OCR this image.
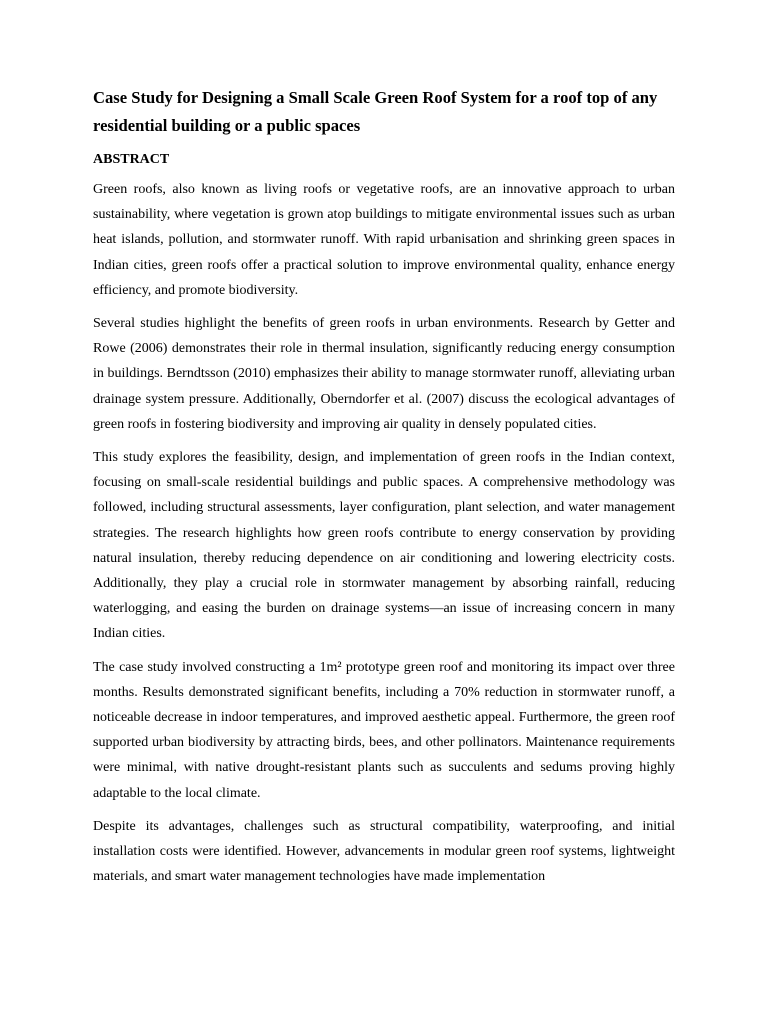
Case Study for Designing a Small Scale Green Roof System for a roof top of any residential building or a public spaces
ABSTRACT

Green roofs, also known as living roofs or vegetative roofs, are an innovative approach to urban sustainability, where vegetation is grown atop buildings to mitigate environmental issues such as urban heat islands, pollution, and stormwater runoff. With rapid urbanisation and shrinking green spaces in Indian cities, green roofs offer a practical solution to improve environmental quality, enhance energy efficiency, and promote biodiversity.

Several studies highlight the benefits of green roofs in urban environments. Research by Getter and Rowe (2006) demonstrates their role in thermal insulation, significantly reducing energy consumption in buildings. Berndtsson (2010) emphasizes their ability to manage stormwater runoff, alleviating urban drainage system pressure. Additionally, Oberndorfer et al. (2007) discuss the ecological advantages of green roofs in fostering biodiversity and improving air quality in densely populated cities.

This study explores the feasibility, design, and implementation of green roofs in the Indian context, focusing on small-scale residential buildings and public spaces. A comprehensive methodology was followed, including structural assessments, layer configuration, plant selection, and water management strategies. The research highlights how green roofs contribute to energy conservation by providing natural insulation, thereby reducing dependence on air conditioning and lowering electricity costs. Additionally, they play a crucial role in stormwater management by absorbing rainfall, reducing waterlogging, and easing the burden on drainage systems—an issue of increasing concern in many Indian cities.

The case study involved constructing a 1m² prototype green roof and monitoring its impact over three months. Results demonstrated significant benefits, including a 70% reduction in stormwater runoff, a noticeable decrease in indoor temperatures, and improved aesthetic appeal. Furthermore, the green roof supported urban biodiversity by attracting birds, bees, and other pollinators. Maintenance requirements were minimal, with native drought-resistant plants such as succulents and sedums proving highly adaptable to the local climate.

Despite its advantages, challenges such as structural compatibility, waterproofing, and initial installation costs were identified. However, advancements in modular green roof systems, lightweight materials, and smart water management technologies have made implementation
